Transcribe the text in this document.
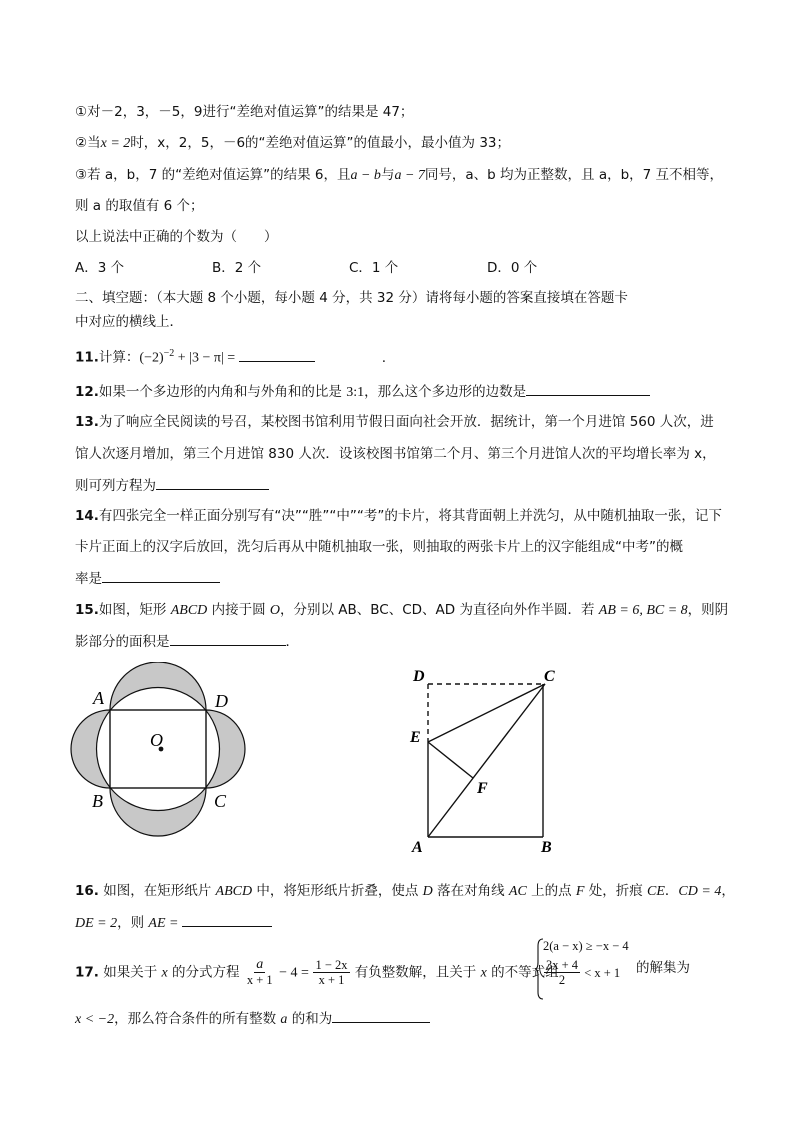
①对－2，3，－5，9进行“差绝对值运算”的结果是 47；
②当x = 2时，x，2，5，－6的“差绝对值运算”的值最小，最小值为 33；
③若 a，b，7 的“差绝对值运算”的结果 6，且a − b与a − 7同号，a、b 均为正整数，且 a，b，7 互不相等，
则 a 的取值有 6 个；
以上说法中正确的个数为（　　）
A．3 个	B．2 个	C．1 个	D．0 个
二、填空题：（本大题 8 个小题，每小题 4 分，共 32 分）请将每小题的答案直接填在答题卡
中对应的横线上．
11.计算：$(-2)^{-2} + |3 - \pi|$ =	.
12.如果一个多边形的内角和与外角和的比是 3:1，那么这个多边形的边数是
13.为了响应全民阅读的号召，某校图书馆利用节假日面向社会开放．据统计，第一个月进馆 560 人次，进
馆人次逐月增加，第三个月进馆 830 人次．设该校图书馆第二个月、第三个月进馆人次的平均增长率为 x，
则可列方程为
14.有四张完全一样正面分别写有“决”“胜”“中”“考”的卡片，将其背面朝上并洗匀，从中随机抽取一张，记下
卡片正面上的汉字后放回，洗匀后再从中随机抽取一张，则抽取的两张卡片上的汉字能组成“中考”的概
率是
15.如图，矩形 ABCD 内接于圆 O，分别以 AB、BC、CD、AD 为直径向外作半圆．若 AB = 6, BC = 8，则阴
影部分的面积是	．
A	D
O
B	C
D	C
E
F
A	B
16. 如图，在矩形纸片 ABCD 中，将矩形纸片折叠，使点 D 落在对角线 AC 上的点 F 处，折痕 CE．CD = 4，
DE = 2，则 AE =
17. 如果关于 x 的分式方程 $\frac{a}{x + 1} - 4 = \frac{1 - 2x}{x + 1}$ 有负整数解，且关于 x 的不等式组
2(a − x) ≥ −x − 4
$\frac{3x + 4}{2} < x + 1$ 的解集为
x < −2，那么符合条件的所有整数 a 的和为
